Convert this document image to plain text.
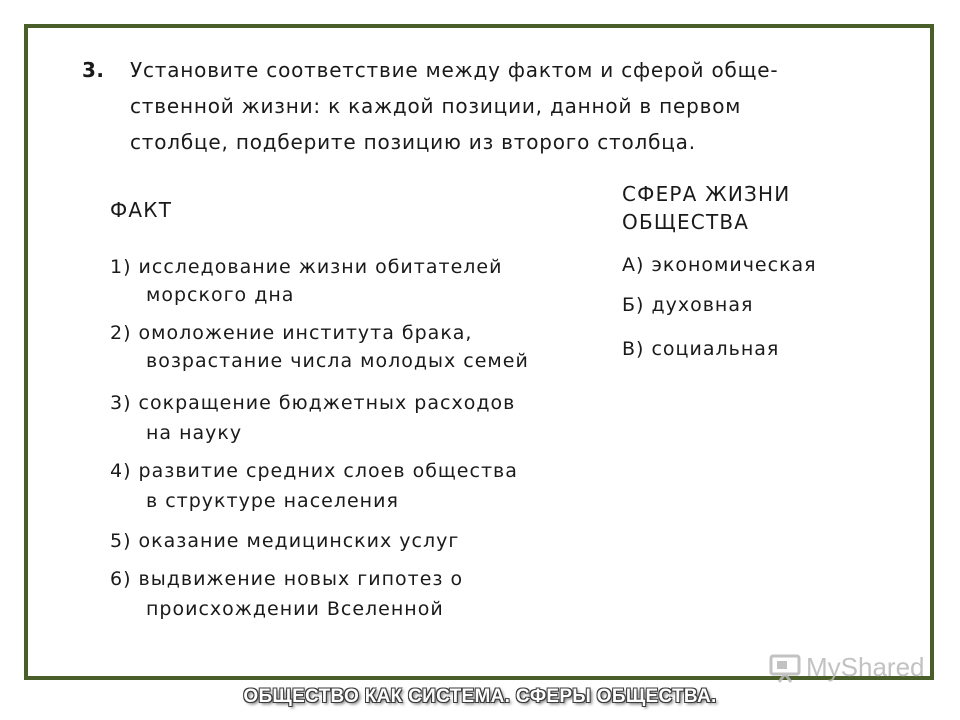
3. Установите соответствие между фактом и сферой обще-
ственной жизни: к каждой позиции, данной в первом
столбце, подберите позицию из второго столбца.
ФАКТ
СФЕРА ЖИЗНИ
ОБЩЕСТВА
1) исследование жизни обитателей
морского дна
2) омоложение института брака,
возрастание числа молодых семей
3) сокращение бюджетных расходов
на науку
4) развитие средних слоев общества
в структуре населения
5) оказание медицинских услуг
6) выдвижение новых гипотез о
происхождении Вселенной
А) экономическая
Б) духовная
В) социальная
MyShared
ОБЩЕСТВО КАК СИСТЕМА. СФЕРЫ ОБЩЕСТВА.
